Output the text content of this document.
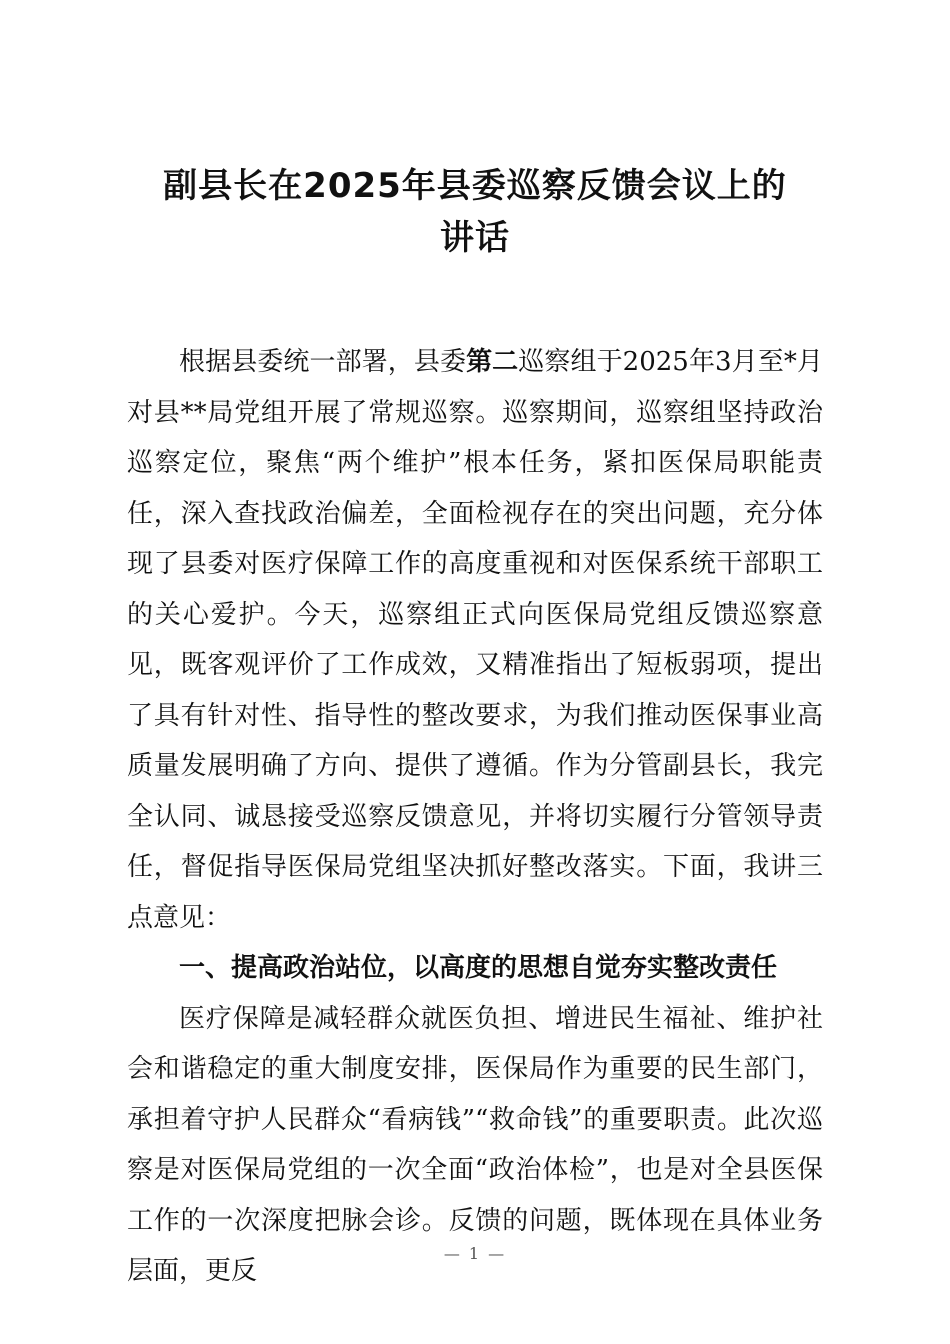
副县长在2025年县委巡察反馈会议上的
讲话

根据县委统一部署，县委第二巡察组于2025年3月至*月对县**局党组开展了常规巡察。巡察期间，巡察组坚持政治巡察定位，聚焦“两个维护”根本任务，紧扣医保局职能责任，深入查找政治偏差，全面检视存在的突出问题，充分体现了县委对医疗保障工作的高度重视和对医保系统干部职工的关心爱护。今天，巡察组正式向医保局党组反馈巡察意见，既客观评价了工作成效，又精准指出了短板弱项，提出了具有针对性、指导性的整改要求，为我们推动医保事业高质量发展明确了方向、提供了遵循。作为分管副县长，我完全认同、诚恳接受巡察反馈意见，并将切实履行分管领导责任，督促指导医保局党组坚决抓好整改落实。下面，我讲三点意见：

一、提高政治站位，以高度的思想自觉夯实整改责任

医疗保障是减轻群众就医负担、增进民生福祉、维护社会和谐稳定的重大制度安排，医保局作为重要的民生部门，承担着守护人民群众“看病钱”“救命钱”的重要职责。此次巡察是对医保局党组的一次全面“政治体检”，也是对全县医保工作的一次深度把脉会诊。反馈的问题，既体现在具体业务层面，更反

— 1 —
